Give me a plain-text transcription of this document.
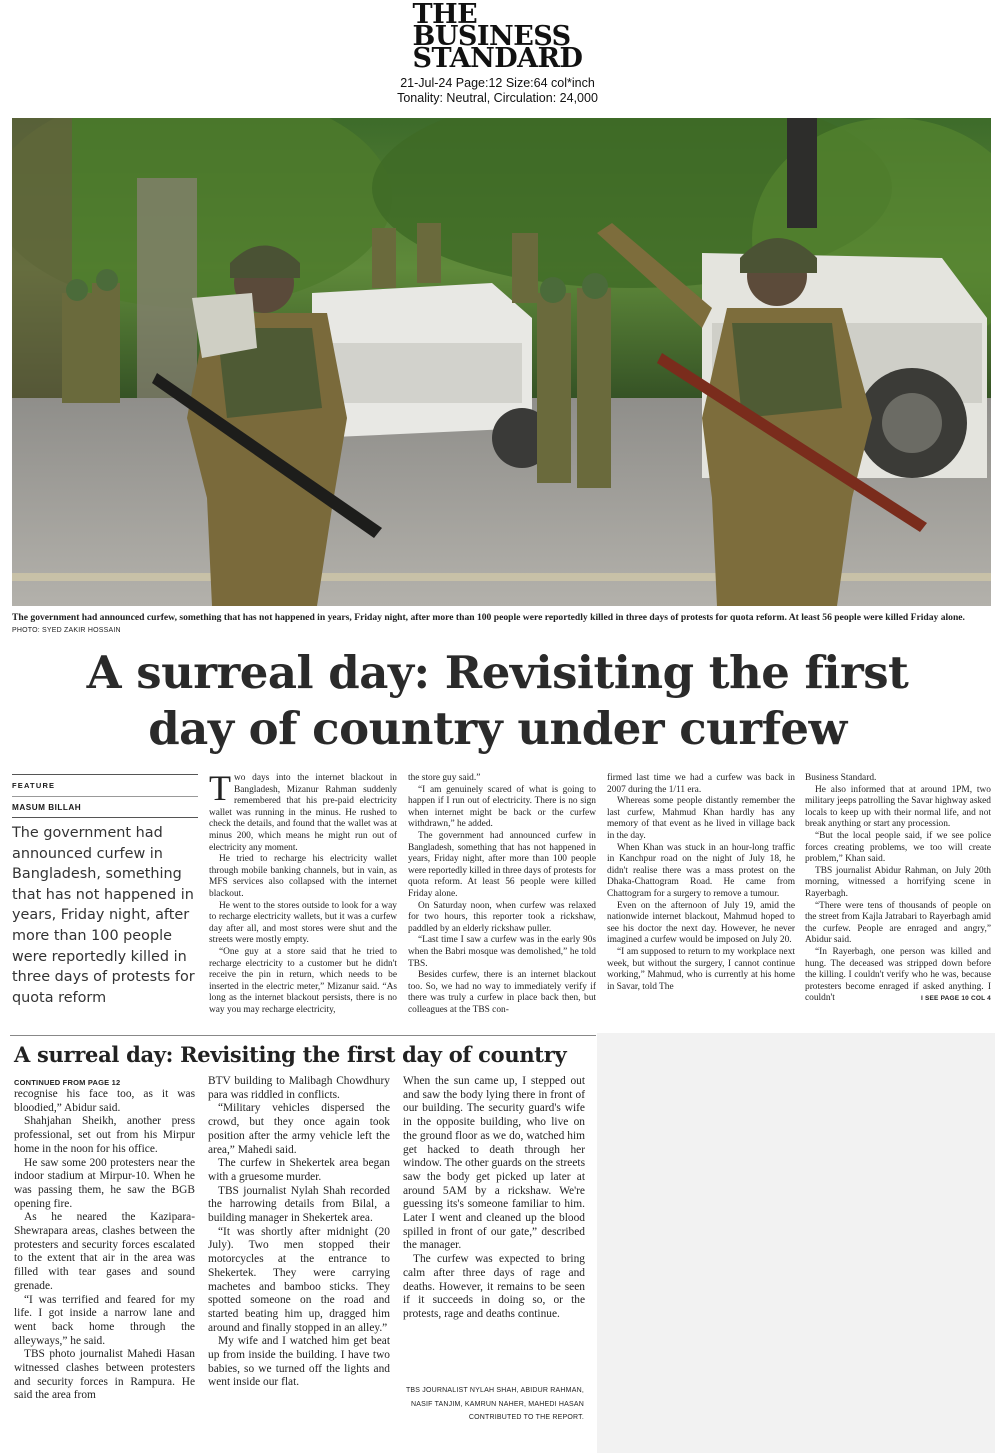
THE
BUSINESS
STANDARD
21-Jul-24 Page:12 Size:64 col*inch
Tonality: Neutral, Circulation: 24,000
The government had announced curfew, something that has not happened in years, Friday night, after more than 100 people were reportedly killed in three days of protests for quota reform. At least 56 people were killed Friday alone. PHOTO: SYED ZAKIR HOSSAIN
A surreal day: Revisiting the first
day of country under curfew
FEATURE
MASUM BILLAH
The government had announced curfew in Bangladesh, something that has not happened in years, Friday night, after more than 100 people were reportedly killed in three days of protests for quota reform

Two days into the internet blackout in Bangladesh, Mizanur Rahman suddenly remembered that his pre-paid electricity wallet was running in the minus. He rushed to check the details, and found that the wallet was at minus 200, which means he might run out of electricity any moment.

He tried to recharge his electricity wallet through mobile banking channels, but in vain, as MFS services also collapsed with the internet blackout.

He went to the stores outside to look for a way to recharge electricity wallets, but it was a curfew day after all, and most stores were shut and the streets were mostly empty.

“One guy at a store said that he tried to recharge electricity to a customer but he didn't receive the pin in return, which needs to be inserted in the electric meter,” Mizanur said. “As long as the internet blackout persists, there is no way you may recharge electricity,

the store guy said.”

“I am genuinely scared of what is going to happen if I run out of electricity. There is no sign when internet might be back or the curfew withdrawn,” he added.

The government had announced curfew in Bangladesh, something that has not happened in years, Friday night, after more than 100 people were reportedly killed in three days of protests for quota reform. At least 56 people were killed Friday alone.

On Saturday noon, when curfew was relaxed for two hours, this reporter took a rickshaw, paddled by an elderly rickshaw puller.

“Last time I saw a curfew was in the early 90s when the Babri mosque was demolished,” he told TBS.

Besides curfew, there is an internet blackout too. So, we had no way to immediately verify if there was truly a curfew in place back then, but colleagues at the TBS con-

firmed last time we had a curfew was back in 2007 during the 1/11 era.

Whereas some people distantly remember the last curfew, Mahmud Khan hardly has any memory of that event as he lived in village back in the day.

When Khan was stuck in an hour-long traffic in Kanchpur road on the night of July 18, he didn't realise there was a mass protest on the Dhaka-Chattogram Road. He came from Chattogram for a surgery to remove a tumour.

Even on the afternoon of July 19, amid the nationwide internet blackout, Mahmud hoped to see his doctor the next day. However, he never imagined a curfew would be imposed on July 20.

“I am supposed to return to my workplace next week, but without the surgery, I cannot continue working,” Mahmud, who is currently at his home in Savar, told The

Business Standard.

He also informed that at around 1PM, two military jeeps patrolling the Savar highway asked locals to keep up with their normal life, and not break anything or start any procession.

“But the local people said, if we see police forces creating problems, we too will create problem,” Khan said.

TBS journalist Abidur Rahman, on July 20th morning, witnessed a horrifying scene in Rayerbagh.

“There were tens of thousands of people on the street from Kajla Jatrabari to Rayerbagh amid the curfew. People are enraged and angry,” Abidur said.

“In Rayerbagh, one person was killed and hung. The deceased was stripped down before the killing. I couldn't verify who he was, because protesters become enraged if asked anything. I couldn't	I SEE PAGE 10 COL 4

A surreal day: Revisiting the first day of country
CONTINUED FROM PAGE 12

recognise his face too, as it was bloodied,” Abidur said.

Shahjahan Sheikh, another press professional, set out from his Mirpur home in the noon for his office.

He saw some 200 protesters near the indoor stadium at Mirpur-10. When he was passing them, he saw the BGB opening fire.

As he neared the Kazipara-Shewrapara areas, clashes between the protesters and security forces escalated to the extent that air in the area was filled with tear gases and sound grenade.

“I was terrified and feared for my life. I got inside a narrow lane and went back home through the alleyways,” he said.

TBS photo journalist Mahedi Hasan witnessed clashes between protesters and security forces in Rampura. He said the area from

BTV building to Malibagh Chowdhury para was riddled in conflicts.

“Military vehicles dispersed the crowd, but they once again took position after the army vehicle left the area,” Mahedi said.

The curfew in Shekertek area began with a gruesome murder.

TBS journalist Nylah Shah recorded the harrowing details from Bilal, a building manager in Shekertek area.

“It was shortly after midnight (20 July). Two men stopped their motorcycles at the entrance to Shekertek. They were carrying machetes and bamboo sticks. They spotted someone on the road and started beating him up, dragged him around and finally stopped in an alley.”

My wife and I watched him get beat up from inside the building. I have two babies, so we turned off the lights and went inside our flat.

When the sun came up, I stepped out and saw the body lying there in front of our building. The security guard's wife in the opposite building, who live on the ground floor as we do, watched him get hacked to death through her window. The other guards on the streets saw the body get picked up later at around 5AM by a rickshaw. We're guessing its's someone familiar to him. Later I went and cleaned up the blood spilled in front of our gate,” described the manager.

The curfew was expected to bring calm after three days of rage and deaths. However, it remains to be seen if it succeeds in doing so, or the protests, rage and deaths continue.

TBS JOURNALIST NYLAH SHAH, ABIDUR RAHMAN,
NASIF TANJIM, KAMRUN NAHER, MAHEDI HASAN
CONTRIBUTED TO THE REPORT.
